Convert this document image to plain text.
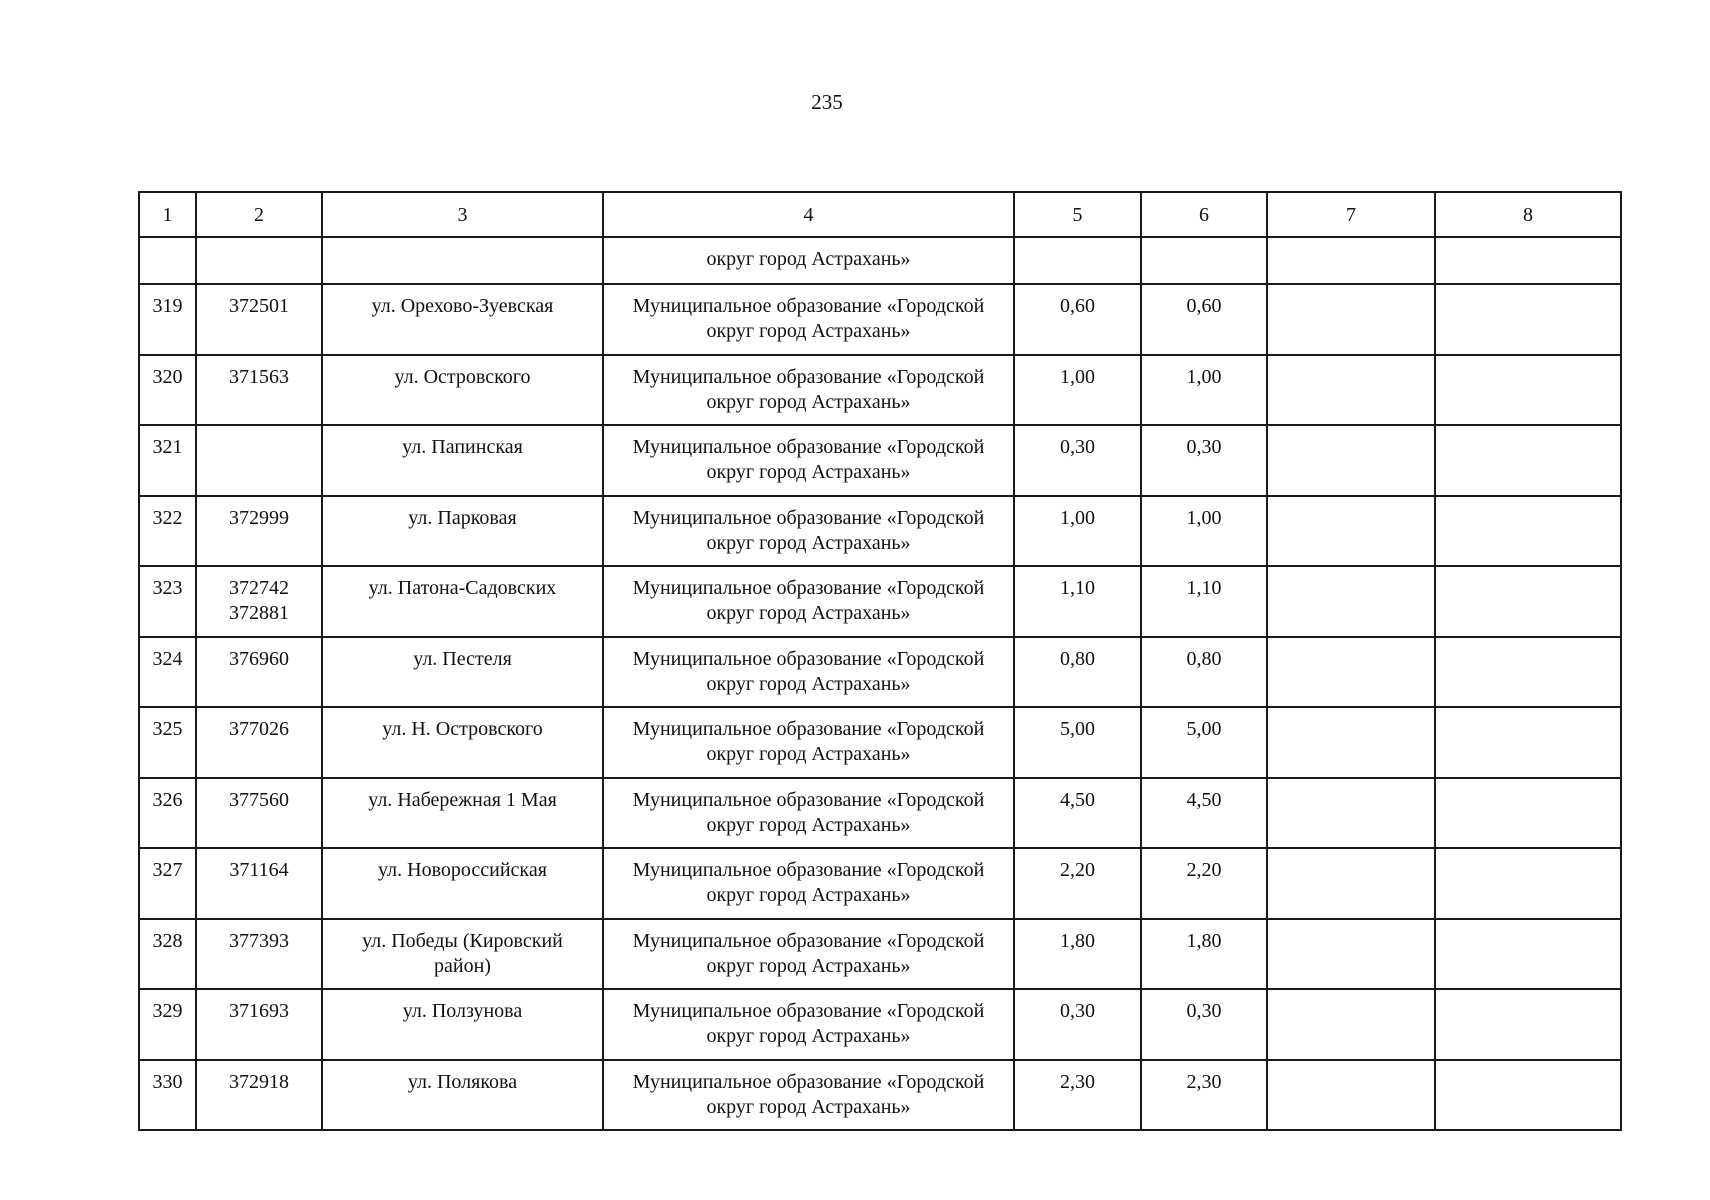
235
1	2	3	4	5	6	7	8
			округ город Астрахань»				
319	372501	ул. Орехово-Зуевская	Муниципальное образование «Городской
округ город Астрахань»	0,60	0,60		
320	371563	ул. Островского	Муниципальное образование «Городской
округ город Астрахань»	1,00	1,00		
321		ул. Папинская	Муниципальное образование «Городской
округ город Астрахань»	0,30	0,30		
322	372999	ул. Парковая	Муниципальное образование «Городской
округ город Астрахань»	1,00	1,00		
323	372742
372881	ул. Патона-Садовских	Муниципальное образование «Городской
округ город Астрахань»	1,10	1,10		
324	376960	ул. Пестеля	Муниципальное образование «Городской
округ город Астрахань»	0,80	0,80		
325	377026	ул. Н. Островского	Муниципальное образование «Городской
округ город Астрахань»	5,00	5,00		
326	377560	ул. Набережная 1 Мая	Муниципальное образование «Городской
округ город Астрахань»	4,50	4,50		
327	371164	ул. Новороссийская	Муниципальное образование «Городской
округ город Астрахань»	2,20	2,20		
328	377393	ул. Победы (Кировский
район)	Муниципальное образование «Городской
округ город Астрахань»	1,80	1,80		
329	371693	ул. Ползунова	Муниципальное образование «Городской
округ город Астрахань»	0,30	0,30		
330	372918	ул. Полякова	Муниципальное образование «Городской
округ город Астрахань»	2,30	2,30		
